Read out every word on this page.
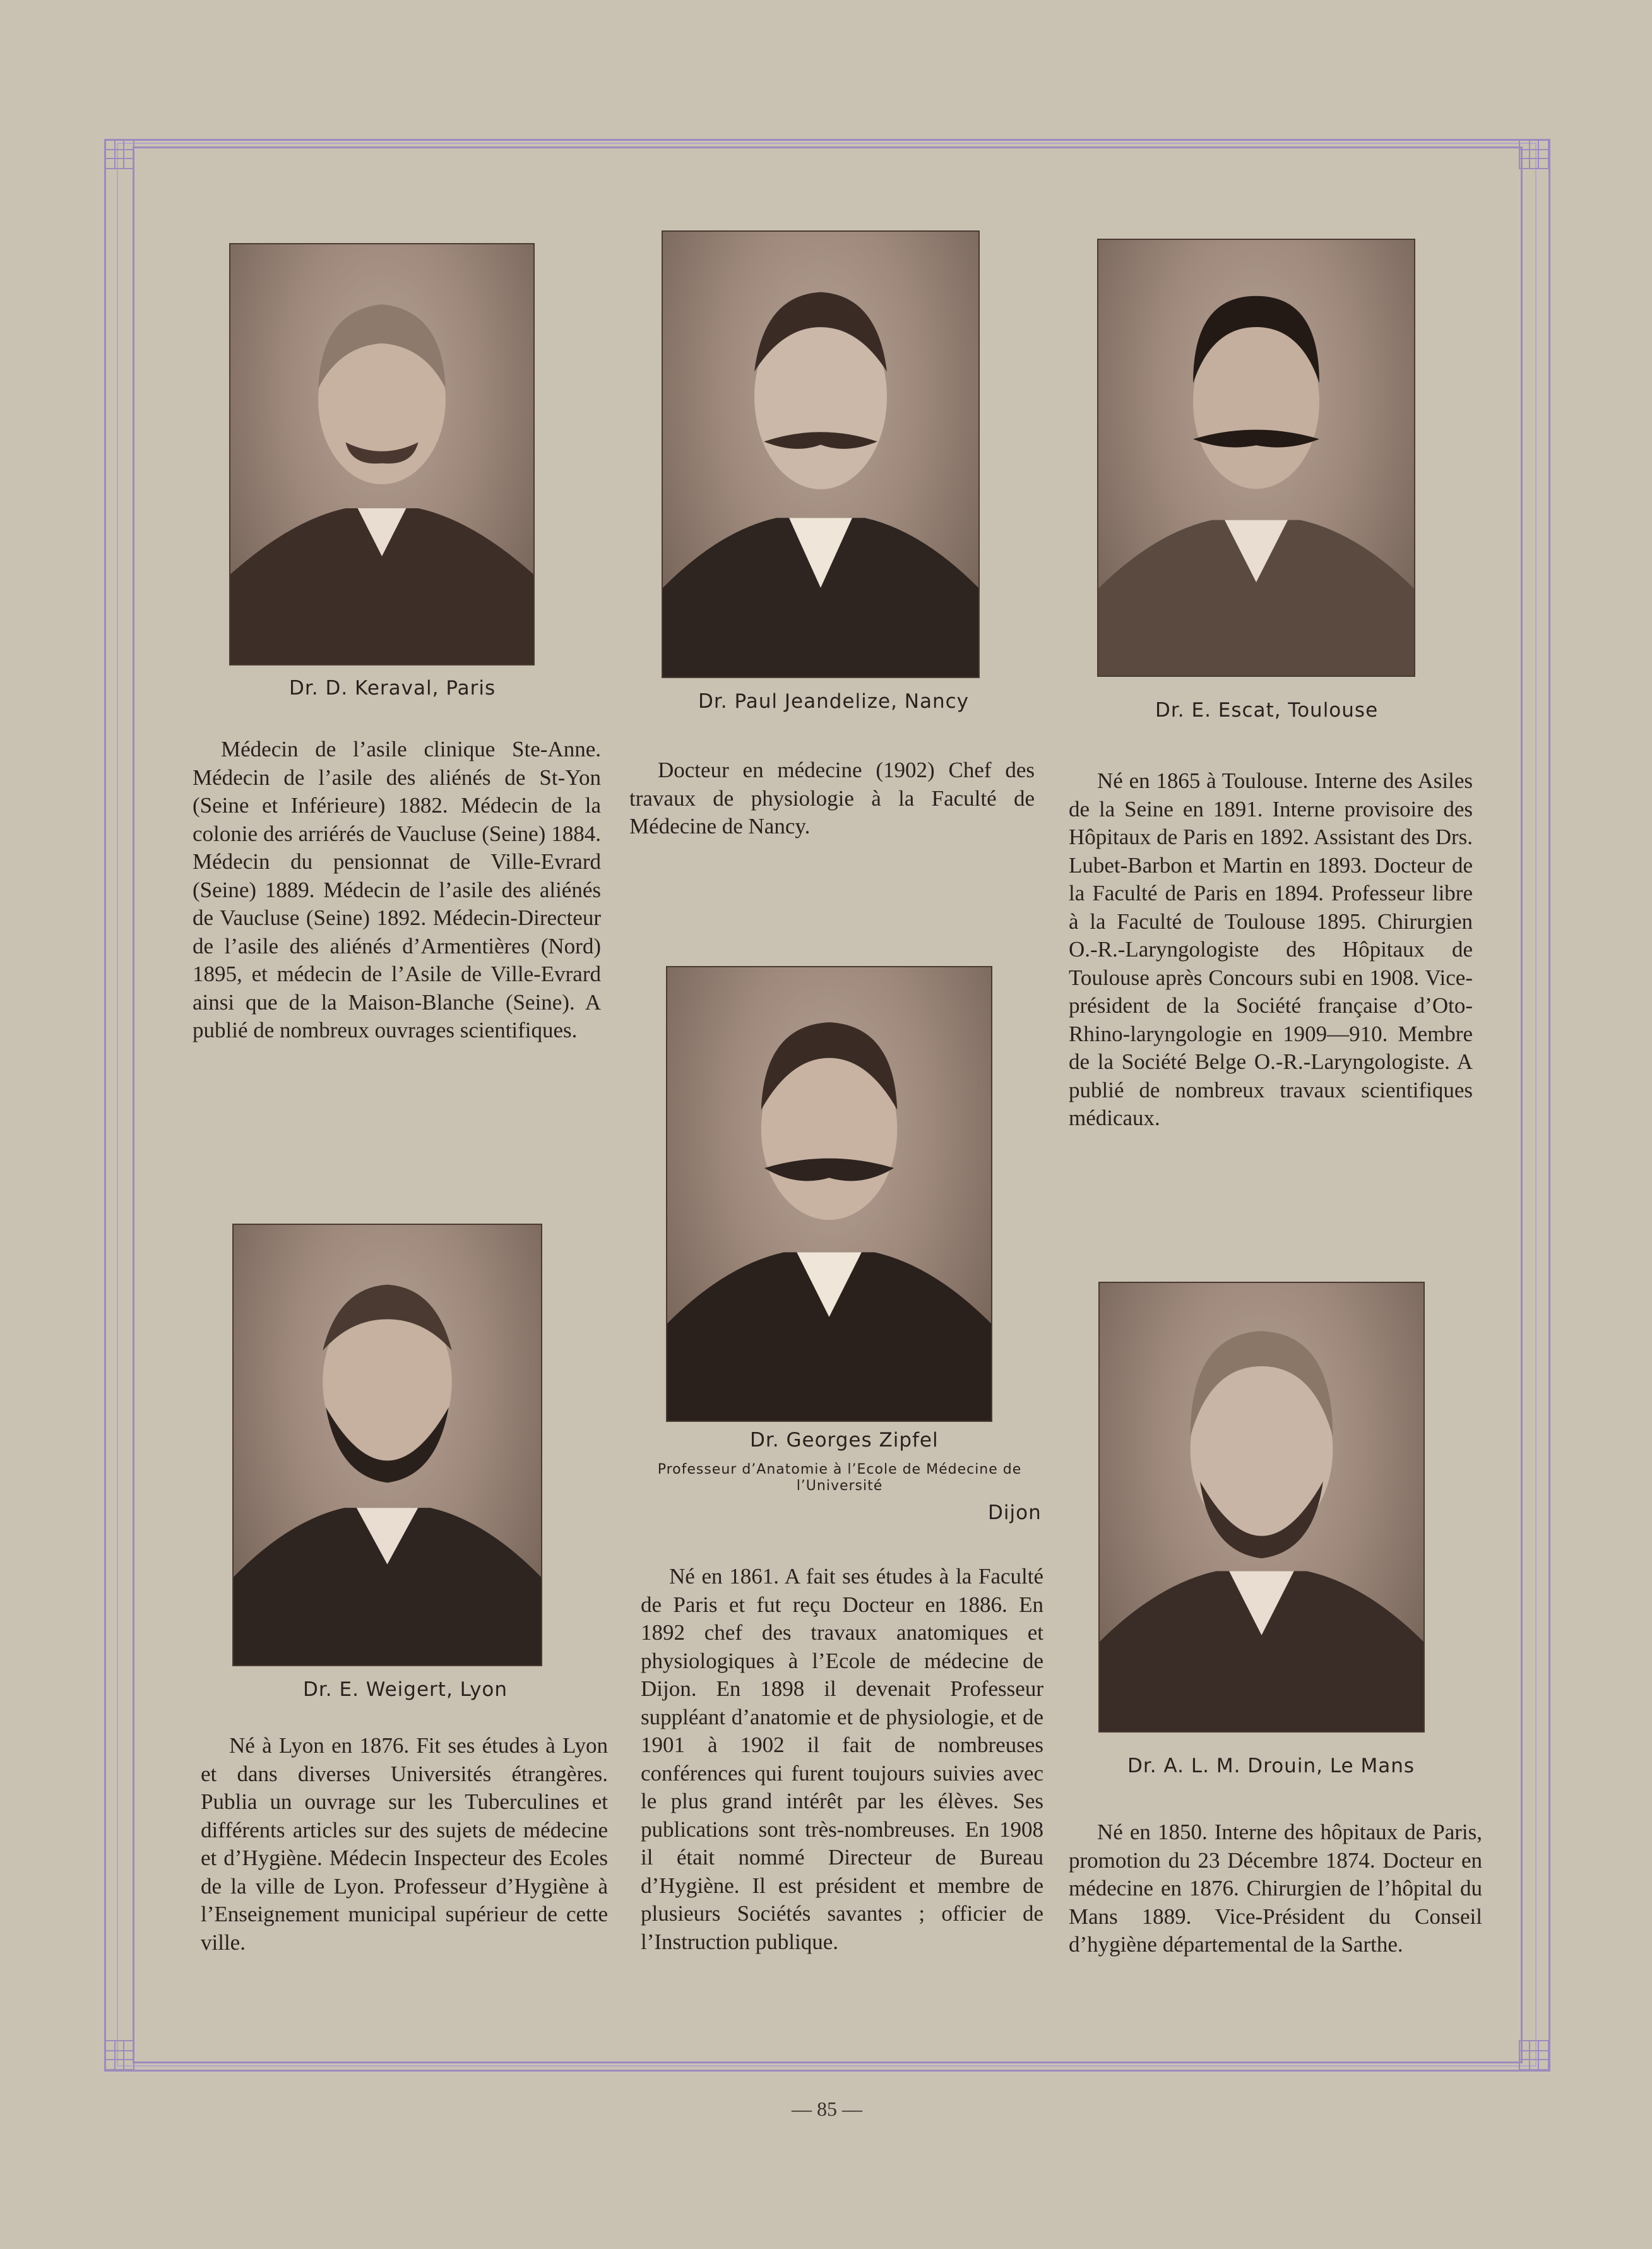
Dr. D. Keraval, Paris

Médecin de l’asile clinique Ste-Anne. Médecin de l’asile des aliénés de St-Yon (Seine et Inférieure) 1882. Médecin de la colonie des arriérés de Vaucluse (Seine) 1884. Médecin du pensionnat de Ville-Evrard (Seine) 1889. Médecin de l’asile des aliénés de Vaucluse (Seine) 1892. Médecin-Directeur de l’asile des aliénés d’Armentières (Nord) 1895, et médecin de l’Asile de Ville-Evrard ainsi que de la Maison-Blanche (Seine). A publié de nombreux ouvrages scientifiques.

Dr. Paul Jeandelize, Nancy

Docteur en médecine (1902) Chef des travaux de physiologie à la Faculté de Médecine de Nancy.

Dr. E. Escat, Toulouse

Né en 1865 à Toulouse. Interne des Asiles de la Seine en 1891. Interne provisoire des Hôpitaux de Paris en 1892. Assistant des Drs. Lubet-Barbon et Martin en 1893. Docteur de la Faculté de Paris en 1894. Professeur libre à la Faculté de Toulouse 1895. Chirurgien O.-R.-Laryngologiste des Hôpitaux de Toulouse après Concours subi en 1908. Vice-président de la Société française d’Oto-Rhino-laryngologie en 1909—910. Membre de la Société Belge O.-R.-Laryngologiste. A publié de nombreux travaux scientifiques médicaux.

Dr. Georges Zipfel
Professeur d’Anatomie à l’Ecole de Médecine de l’Université
Dijon

Né en 1861. A fait ses études à la Faculté de Paris et fut reçu Docteur en 1886. En 1892 chef des travaux anatomiques et physiologiques à l’Ecole de médecine de Dijon. En 1898 il devenait Professeur suppléant d’anatomie et de physiologie, et de 1901 à 1902 il fait de nombreuses conférences qui furent toujours suivies avec le plus grand intérêt par les élèves. Ses publications sont très-nombreuses. En 1908 il était nommé Directeur de Bureau d’Hygiène. Il est président et membre de plusieurs Sociétés savantes ; officier de l’Instruction publique.

Dr. E. Weigert, Lyon

Né à Lyon en 1876. Fit ses études à Lyon et dans diverses Universités étrangères. Publia un ouvrage sur les Tuberculines et différents articles sur des sujets de médecine et d’Hygiène. Médecin Inspecteur des Ecoles de la ville de Lyon. Professeur d’Hygiène à l’Enseignement municipal supérieur de cette ville.

Dr. A. L. M. Drouin, Le Mans

Né en 1850. Interne des hôpitaux de Paris, promotion du 23 Décembre 1874. Docteur en médecine en 1876. Chirurgien de l’hôpital du Mans 1889. Vice-Président du Conseil d’hygiène départemental de la Sarthe.

— 85 —
